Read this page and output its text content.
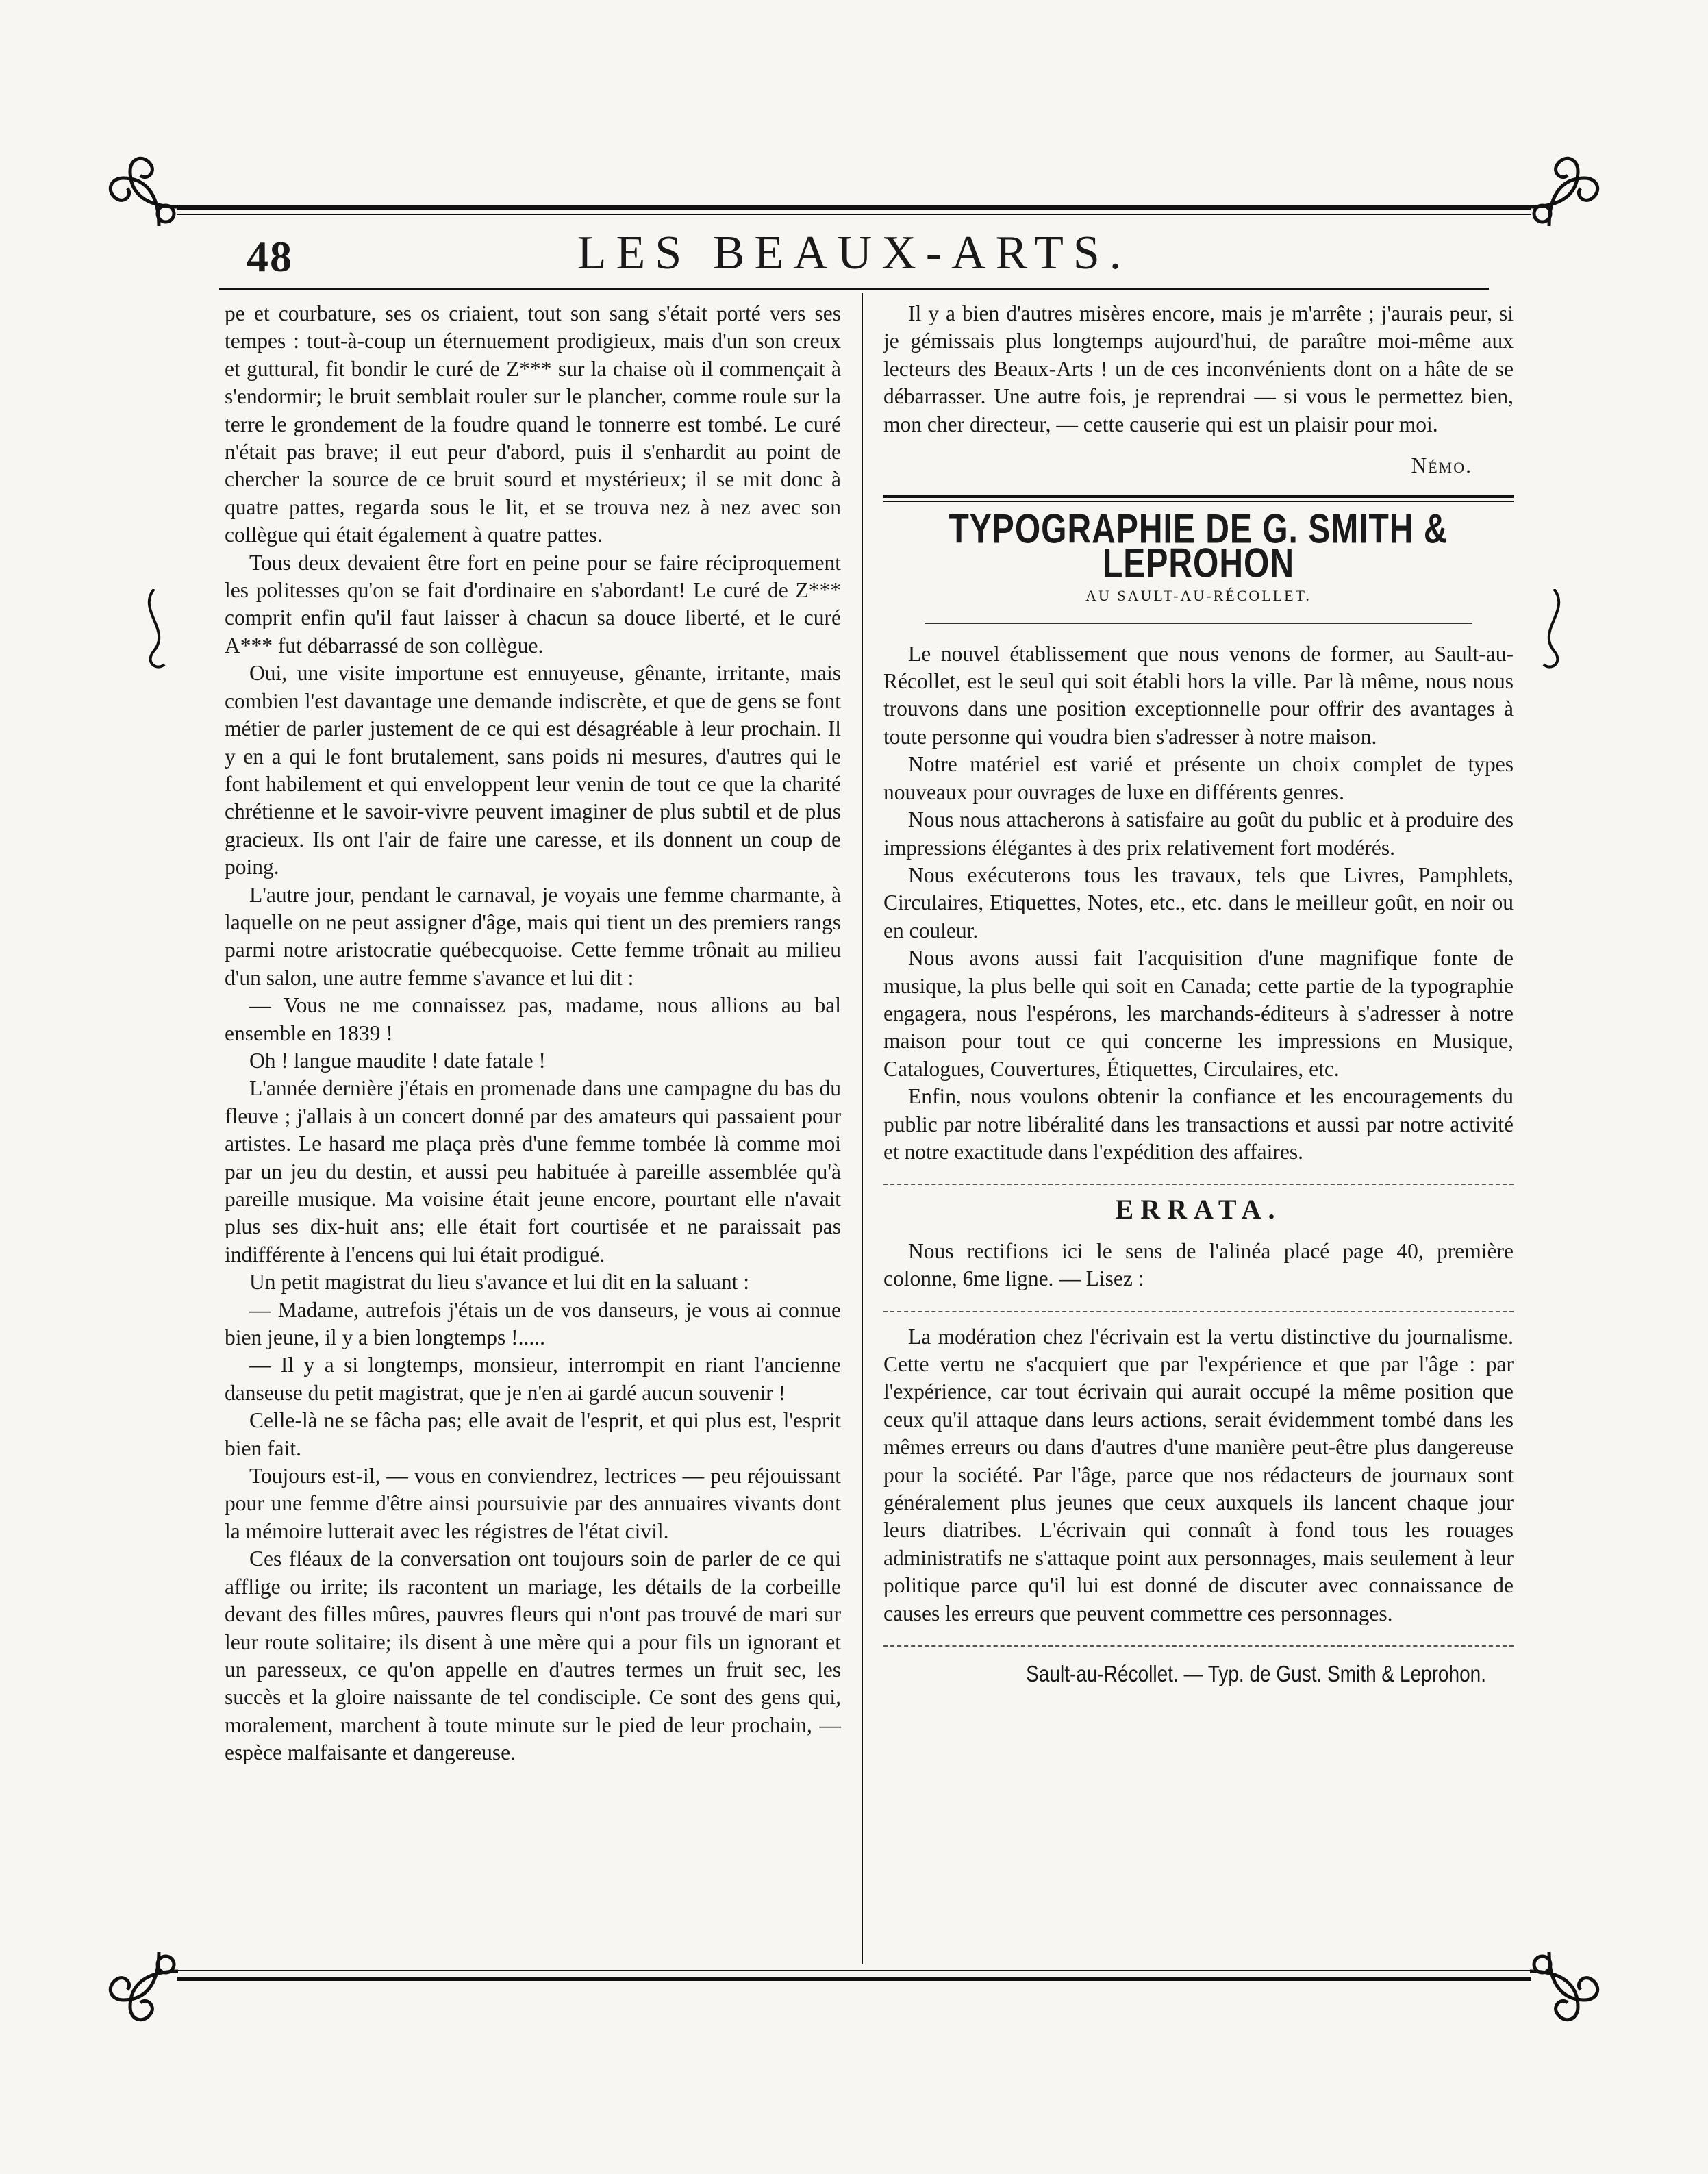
48	LES BEAUX-ARTS.

pe et courbature, ses os criaient, tout son sang s'était porté vers ses tempes : tout-à-coup un éternuement prodigieux, mais d'un son creux et guttural, fit bondir le curé de Z*** sur la chaise où il commençait à s'endormir; le bruit semblait rouler sur le plancher, comme roule sur la terre le grondement de la foudre quand le tonnerre est tombé. Le curé n'était pas brave; il eut peur d'abord, puis il s'enhardit au point de chercher la source de ce bruit sourd et mystérieux; il se mit donc à quatre pattes, regarda sous le lit, et se trouva nez à nez avec son collègue qui était également à quatre pattes.

Tous deux devaient être fort en peine pour se faire réciproquement les politesses qu'on se fait d'ordinaire en s'abordant! Le curé de Z*** comprit enfin qu'il faut laisser à chacun sa douce liberté, et le curé A*** fut débarrassé de son collègue.

Oui, une visite importune est ennuyeuse, gênante, irritante, mais combien l'est davantage une demande indiscrète, et que de gens se font métier de parler justement de ce qui est désagréable à leur prochain. Il y en a qui le font brutalement, sans poids ni mesures, d'autres qui le font habilement et qui enveloppent leur venin de tout ce que la charité chrétienne et le savoir-vivre peuvent imaginer de plus subtil et de plus gracieux. Ils ont l'air de faire une caresse, et ils donnent un coup de poing.

L'autre jour, pendant le carnaval, je voyais une femme charmante, à laquelle on ne peut assigner d'âge, mais qui tient un des premiers rangs parmi notre aristocratie québecquoise. Cette femme trônait au milieu d'un salon, une autre femme s'avance et lui dit :

— Vous ne me connaissez pas, madame, nous allions au bal ensemble en 1839 !

Oh ! langue maudite ! date fatale !

L'année dernière j'étais en promenade dans une campagne du bas du fleuve ; j'allais à un concert donné par des amateurs qui passaient pour artistes. Le hasard me plaça près d'une femme tombée là comme moi par un jeu du destin, et aussi peu habituée à pareille assemblée qu'à pareille musique. Ma voisine était jeune encore, pourtant elle n'avait plus ses dix-huit ans; elle était fort courtisée et ne paraissait pas indifférente à l'encens qui lui était prodigué.

Un petit magistrat du lieu s'avance et lui dit en la saluant :

— Madame, autrefois j'étais un de vos danseurs, je vous ai connue bien jeune, il y a bien longtemps !.....

— Il y a si longtemps, monsieur, interrompit en riant l'ancienne danseuse du petit magistrat, que je n'en ai gardé aucun souvenir !

Celle-là ne se fâcha pas; elle avait de l'esprit, et qui plus est, l'esprit bien fait.

Toujours est-il, — vous en conviendrez, lectrices — peu réjouissant pour une femme d'être ainsi poursuivie par des annuaires vivants dont la mémoire lutterait avec les régistres de l'état civil.

Ces fléaux de la conversation ont toujours soin de parler de ce qui afflige ou irrite; ils racontent un mariage, les détails de la corbeille devant des filles mûres, pauvres fleurs qui n'ont pas trouvé de mari sur leur route solitaire; ils disent à une mère qui a pour fils un ignorant et un paresseux, ce qu'on appelle en d'autres termes un fruit sec, les succès et la gloire naissante de tel condisciple. Ce sont des gens qui, moralement, marchent à toute minute sur le pied de leur prochain, — espèce malfaisante et dangereuse.

Il y a bien d'autres misères encore, mais je m'arrête ; j'aurais peur, si je gémissais plus longtemps aujourd'hui, de paraître moi-même aux lecteurs des Beaux-Arts ! un de ces inconvénients dont on a hâte de se débarrasser. Une autre fois, je reprendrai — si vous le permettez bien, mon cher directeur, — cette causerie qui est un plaisir pour moi.

Némo.

TYPOGRAPHIE DE G. SMITH & LEPROHON
AU SAULT-AU-RÉCOLLET.

Le nouvel établissement que nous venons de former, au Sault-au-Récollet, est le seul qui soit établi hors la ville. Par là même, nous nous trouvons dans une position exceptionnelle pour offrir des avantages à toute personne qui voudra bien s'adresser à notre maison.

Notre matériel est varié et présente un choix complet de types nouveaux pour ouvrages de luxe en différents genres.

Nous nous attacherons à satisfaire au goût du public et à produire des impressions élégantes à des prix relativement fort modérés.

Nous exécuterons tous les travaux, tels que Livres, Pamphlets, Circulaires, Etiquettes, Notes, etc., etc. dans le meilleur goût, en noir ou en couleur.

Nous avons aussi fait l'acquisition d'une magnifique fonte de musique, la plus belle qui soit en Canada; cette partie de la typographie engagera, nous l'espérons, les marchands-éditeurs à s'adresser à notre maison pour tout ce qui concerne les impressions en Musique, Catalogues, Couvertures, Étiquettes, Circulaires, etc.

Enfin, nous voulons obtenir la confiance et les encouragements du public par notre libéralité dans les transactions et aussi par notre activité et notre exactitude dans l'expédition des affaires.

ERRATA.

Nous rectifions ici le sens de l'alinéa placé page 40, première colonne, 6me ligne. — Lisez :

La modération chez l'écrivain est la vertu distinctive du journalisme. Cette vertu ne s'acquiert que par l'expérience et que par l'âge : par l'expérience, car tout écrivain qui aurait occupé la même position que ceux qu'il attaque dans leurs actions, serait évidemment tombé dans les mêmes erreurs ou dans d'autres d'une manière peut-être plus dangereuse pour la société. Par l'âge, parce que nos rédacteurs de journaux sont généralement plus jeunes que ceux auxquels ils lancent chaque jour leurs diatribes. L'écrivain qui connaît à fond tous les rouages administratifs ne s'attaque point aux personnages, mais seulement à leur politique parce qu'il lui est donné de discuter avec connaissance de causes les erreurs que peuvent commettre ces personnages.

Sault-au-Récollet. — Typ. de Gust. Smith & Leprohon.
